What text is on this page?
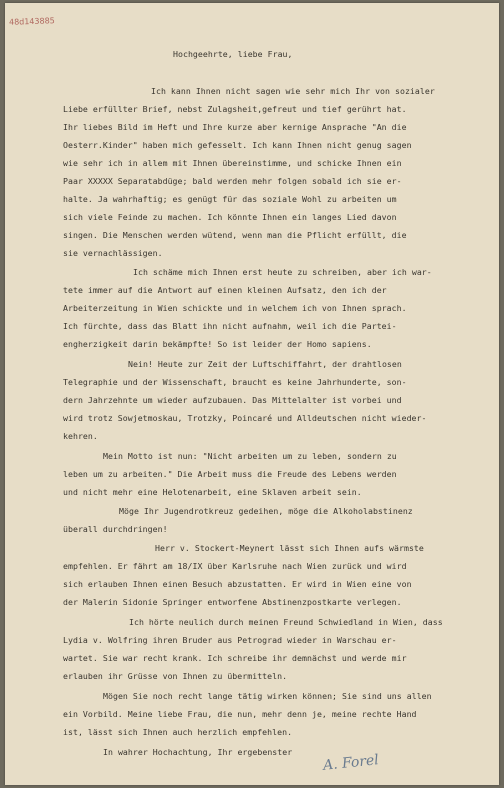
48d143885
Hochgeehrte, liebe Frau,
Ich kann Ihnen nicht sagen wie sehr mich Ihr von sozialer
Liebe erfüllter Brief, nebst Zulagsheit,gefreut und tief gerührt hat.
Ihr liebes Bild im Heft und Ihre kurze aber kernige Ansprache "An die
Oesterr.Kinder" haben mich gefesselt. Ich kann Ihnen nicht genug sagen
wie sehr ich in allem mit Ihnen übereinstimme, und schicke Ihnen ein
Paar XXXXX Separatabdüge; bald werden mehr folgen sobald ich sie er-
halte. Ja wahrhaftig; es genügt für das soziale Wohl zu arbeiten um
sich viele Feinde zu machen. Ich könnte Ihnen ein langes Lied davon
singen. Die Menschen werden wütend, wenn man die Pflicht erfüllt, die
sie vernachlässigen.
Ich schäme mich Ihnen erst heute zu schreiben, aber ich war-
tete immer auf die Antwort auf einen kleinen Aufsatz, den ich der
Arbeiterzeitung in Wien schickte und in welchem ich von Ihnen sprach.
Ich fürchte, dass das Blatt ihn nicht aufnahm, weil ich die Partei-
engherzigkeit darin bekämpfte! So ist leider der Homo sapiens.
Nein! Heute zur Zeit der Luftschiffahrt, der drahtlosen
Telegraphie und der Wissenschaft, braucht es keine Jahrhunderte, son-
dern Jahrzehnte um wieder aufzubauen. Das Mittelalter ist vorbei und
wird trotz Sowjetmoskau, Trotzky, Poincaré und Alldeutschen nicht wieder-
kehren.
Mein Motto ist nun: "Nicht arbeiten um zu leben, sondern zu
leben um zu arbeiten." Die Arbeit muss die Freude des Lebens werden
und nicht mehr eine Helotenarbeit, eine Sklaven arbeit sein.
Möge Ihr Jugendrotkreuz gedeihen, möge die Alkoholabstinenz
überall durchdringen!
Herr v. Stockert-Meynert lässt sich Ihnen aufs wärmste
empfehlen. Er fährt am 18/IX über Karlsruhe nach Wien zurück und wird
sich erlauben Ihnen einen Besuch abzustatten. Er wird in Wien eine von
der Malerin Sidonie Springer entworfene Abstinenzpostkarte verlegen.
Ich hörte neulich durch meinen Freund Schwiedland in Wien, dass
Lydia v. Wolfring ihren Bruder aus Petrograd wieder in Warschau er-
wartet. Sie war recht krank. Ich schreibe ihr demnächst und werde mir
erlauben ihr Grüsse von Ihnen zu übermitteln.
Mögen Sie noch recht lange tätig wirken können; Sie sind uns allen
ein Vorbild. Meine liebe Frau, die nun, mehr denn je, meine rechte Hand
ist, lässt sich Ihnen auch herzlich empfehlen.
In wahrer Hochachtung, Ihr ergebenster
A. Forel
